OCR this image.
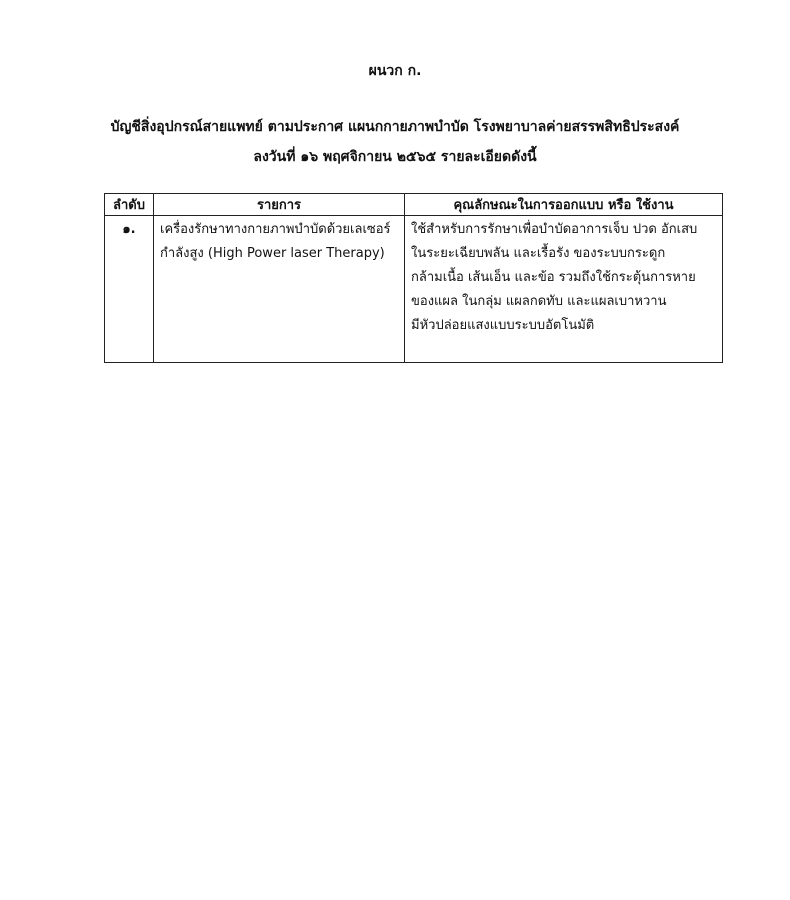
ผนวก ก.
บัญชีสิ่งอุปกรณ์สายแพทย์ ตามประกาศ แผนกกายภาพบำบัด โรงพยาบาลค่ายสรรพสิทธิประสงค์
ลงวันที่ ๑๖ พฤศจิกายน ๒๕๖๕ รายละเอียดดังนี้
ลำดับ	รายการ	คุณลักษณะในการออกแบบ หรือ ใช้งาน
๑.	เครื่องรักษาทางกายภาพบำบัดด้วยเลเซอร์
กำลังสูง (High Power laser Therapy)	ใช้สำหรับการรักษาเพื่อบำบัดอาการเจ็บ ปวด อักเสบ
ในระยะเฉียบพลัน และเรื้อรัง ของระบบกระดูก
กล้ามเนื้อ เส้นเอ็น และข้อ รวมถึงใช้กระตุ้นการหาย
ของแผล ในกลุ่ม แผลกดทับ และแผลเบาหวาน
มีหัวปล่อยแสงแบบระบบอัตโนมัติ
